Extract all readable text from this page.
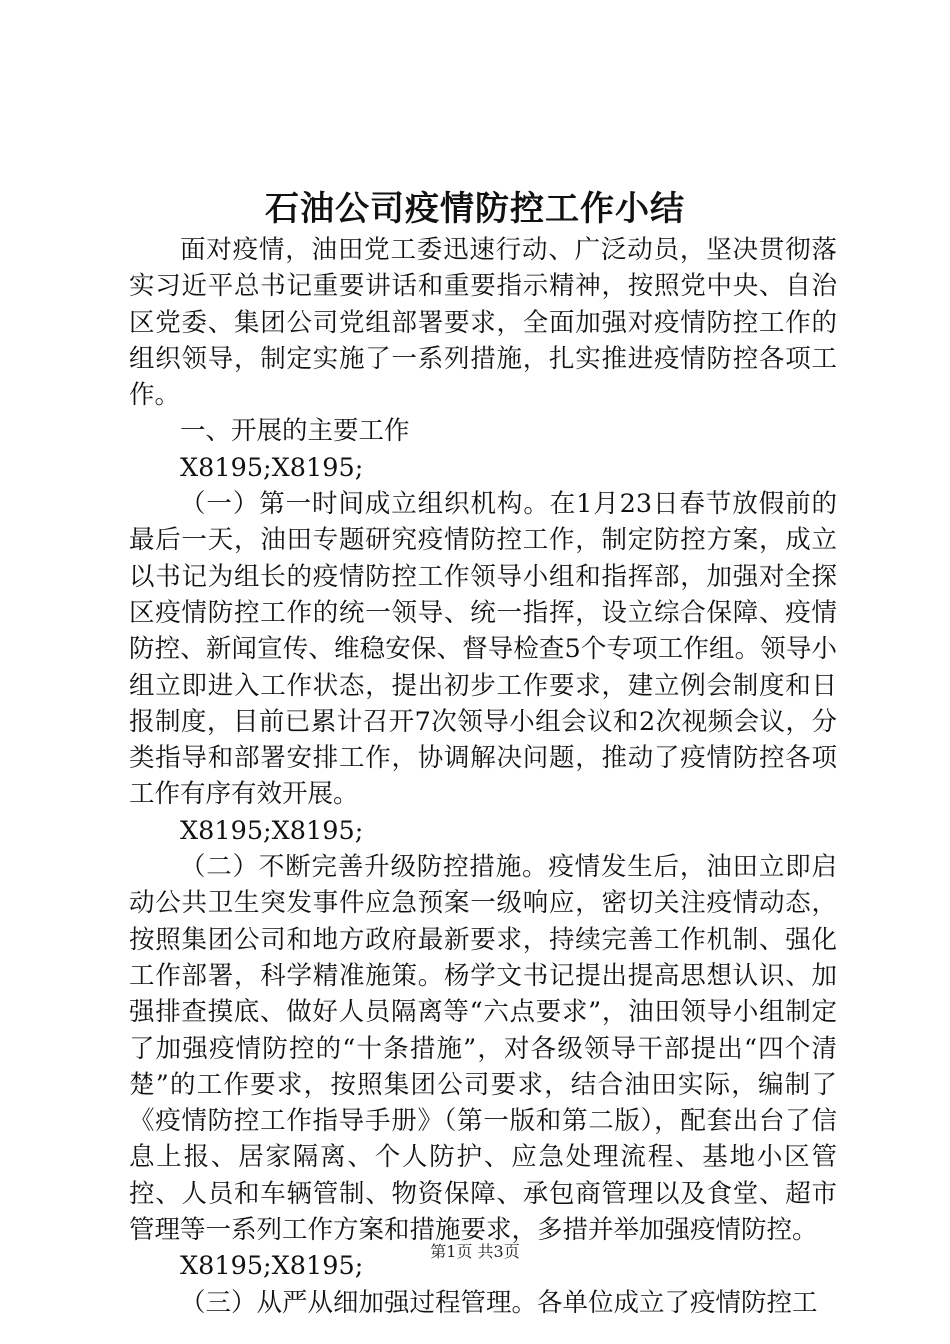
石油公司疫情防控工作小结

面对疫情，油田党工委迅速行动、广泛动员，坚决贯彻落实习近平总书记重要讲话和重要指示精神，按照党中央、自治区党委、集团公司党组部署要求，全面加强对疫情防控工作的组织领导，制定实施了一系列措施，扎实推进疫情防控各项工作。

一、开展的主要工作

X8195;X8195;

（一）第一时间成立组织机构。在1月23日春节放假前的最后一天，油田专题研究疫情防控工作，制定防控方案，成立以书记为组长的疫情防控工作领导小组和指挥部，加强对全探区疫情防控工作的统一领导、统一指挥，设立综合保障、疫情防控、新闻宣传、维稳安保、督导检查5个专项工作组。领导小组立即进入工作状态，提出初步工作要求，建立例会制度和日报制度，目前已累计召开7次领导小组会议和2次视频会议，分类指导和部署安排工作，协调解决问题，推动了疫情防控各项工作有序有效开展。

X8195;X8195;

（二）不断完善升级防控措施。疫情发生后，油田立即启动公共卫生突发事件应急预案一级响应，密切关注疫情动态，按照集团公司和地方政府最新要求，持续完善工作机制、强化工作部署，科学精准施策。杨学文书记提出提高思想认识、加强排查摸底、做好人员隔离等“六点要求”，油田领导小组制定了加强疫情防控的“十条措施”，对各级领导干部提出“四个清楚”的工作要求，按照集团公司要求，结合油田实际，编制了《疫情防控工作指导手册》（第一版和第二版），配套出台了信息上报、居家隔离、个人防护、应急处理流程、基地小区管控、人员和车辆管制、物资保障、承包商管理以及食堂、超市管理等一系列工作方案和措施要求，多措并举加强疫情防控。

X8195;X8195;

（三）从严从细加强过程管理。各单位成立了疫情防控工

第1页 共3页
